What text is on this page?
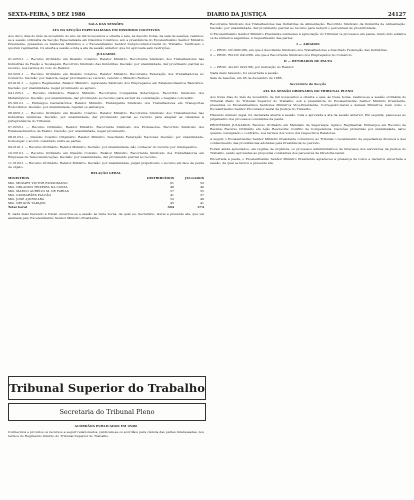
SEXTA-FEIRA, 5 DEZ 1986	DIARIO DA JUSTIÇA	24127

SALA DAS SESSÕES

ATA DA SECÇÃO ESPECIALIZADA EM DISSÍDIOS COLETIVOS

Aos cinco dias do mês de novembro do ano de mil novecentos e oitenta e seis, às dezoito horas, na sala de sessões, realizou-se a sessão ordinária da Secção Especializada em Dissídios Coletivos, sob a presidência do Excelentíssimo Senhor Ministro Presidente, presentes os Senhores Ministros e o Excelentíssimo Senhor Subprocurador-Geral do Trabalho. Verificado o quorum regimental, foi aberta a sessão e lida a ata da sessão anterior, que foi aprovada sem restrições.

JULGADOS

01.2253-1 — Recurso Ordinário em Dissídio Coletivo. Relator Ministro. Recorrente Sindicato dos Trabalhadores nas Indústrias de Fiação e Tecelagem. Recorrido Sindicato das Indústrias. Decisão: por unanimidade, dar provimento parcial ao recurso, nos termos do voto do Relator.

02.3221-1 — Recurso Ordinário em Dissídio Coletivo. Relator Ministro. Recorrente Federação dos Trabalhadores no Comércio. Decisão: por maioria, negar provimento ao recurso, vencido o Ministro Revisor.

03.4101-1 — Agravo Regimental. Relator Ministro. Agravante Sindicato dos Empregados em Estabelecimentos Bancários. Decisão: por unanimidade, negar provimento ao agravo.

04.1225-1 — Recurso Ordinário. Relator Ministro. Recorrente Companhia Siderúrgica. Recorrido Sindicato dos Metalúrgicos. Decisão: por unanimidade, dar provimento ao recurso para excluir da condenação o reajuste concedido.

05.3012-1 — Embargos Declaratórios. Relator Ministro. Embargante Sindicato dos Trabalhadores em Transportes Rodoviários. Decisão: por unanimidade, rejeitar os embargos.

06.0031-1 — Recurso Ordinário em Dissídio Coletivo. Relator Ministro. Recorrente Sindicato dos Trabalhadores nas Indústrias Químicas. Decisão: por unanimidade, dar provimento parcial ao recurso para adaptar as cláusulas à jurisprudência do Tribunal.

07.2233-1 — Recurso Ordinário. Relator Ministro. Recorrente Sindicato dos Professores. Recorrido Sindicato dos Estabelecimentos de Ensino. Decisão: por unanimidade, negar provimento.

08.0123-1 — Dissídio Coletivo Originário. Relator Ministro. Suscitante Federação Nacional. Decisão: por unanimidade, homologar o acordo celebrado entre as partes.

09.2101-1 — Recurso Ordinário. Relator Ministro. Decisão: por unanimidade, não conhecer do recurso por intempestivo.

10.3310-1 — Recurso Ordinário em Dissídio Coletivo. Relator Ministro. Recorrente Sindicato dos Trabalhadores em Empresas de Telecomunicações. Decisão: por unanimidade, dar provimento parcial ao recurso.

11.3103-1 — Recurso Ordinário. Relator Ministro. Decisão: por unanimidade, julgar prejudicado o recurso em face da perda de objeto.

RELAÇÃO GERAL

MINISTROS	DISTRIBUÍDOS	JULGADOS
Min. MOZART VICTOR RUSSOMANO	61	52
Min. ORLANDO TEIXEIRA DA COSTA	48	40
Min. MARCO AURÉLIO M. DE FARIAS	57	55
Min. GUIMARÃES FALCÃO	41	37
Min. JOSÉ AJURICABA	52	49
Min. NELSON TAPAJÓS	45	41
Total Geral	304	274

E, nada mais havendo a tratar, encerrou-se a sessão às vinte horas, da qual eu, Secretário, lavrei a presente ata, que vai assinada pelo Excelentíssimo Senhor Ministro Presidente.

Tribunal Superior do Trabalho
Secretaria do Tribunal Pleno

ACÓRDÃOS PUBLICADOS EM 05/86

Conhecidos e providos os recursos a seguir relacionados, publicam-se os acórdãos para ciência das partes interessadas, nos termos do Regimento Interno do Tribunal Superior do Trabalho.

Recorrente Sindicato dos Trabalhadores nas Indústrias de Alimentação. Recorrido Sindicato da Indústria de Alimentação. Decisão: por unanimidade, dar provimento parcial ao recurso para reduzir o percentual de produtividade.

O Excelentíssimo Senhor Ministro Presidente submeteu à apreciação do Tribunal os processos em pauta, tendo sido adiados os de números seguintes, a requerimento das partes.

I — ADIADOS

1 — PROC. DC-0001/86, em que é Suscitante Sindicato dos Trabalhadores e Suscitado Federação das Indústrias.

2 — PROC. RO-DC 0412/86, em que é Recorrente Sindicato dos Empregados no Comércio.

II — RETIRADOS DE PAUTA

1 — PROC. AG-DC 0221/86, por indicação do Relator.

Nada mais havendo, foi encerrada a sessão.

Sala de Sessões, em 05 de dezembro de 1986.

Secretário da Secção

ATA DA SESSÃO ORDINÁRIA DO TRIBUNAL PLENO

Aos treze dias do mês de novembro de mil novecentos e oitenta e seis, às treze horas, realizou-se a sessão ordinária do Tribunal Pleno do Tribunal Superior do Trabalho, sob a presidência do Excelentíssimo Senhor Ministro Presidente, presentes os Excelentíssimos Senhores Ministros Vice-Presidente, Corregedor-Geral e demais Ministros, bem como o Excelentíssimo Senhor Procurador-Geral da Justiça do Trabalho.

Havendo número legal, foi declarada aberta a sessão. Lida e aprovada a ata da sessão anterior. Em seguida, passou-se ao julgamento dos processos constantes da pauta.

PROCESSOS JULGADOS: Recurso Ordinário em Mandado de Segurança; Agravo Regimental; Embargos em Recurso de Revista; Recurso Ordinário em Ação Rescisória; Conflito de Competência. Decisões proferidas por unanimidade, salvo quando consignado o contrário, nos termos dos votos dos respectivos Relatores.

A seguir, o Excelentíssimo Senhor Ministro Presidente comunicou ao Tribunal o recebimento de expedientes diversos e deu conhecimento das providências adotadas pela Presidência no período.

Foram ainda apreciados, em regime de urgência, os processos administrativos de interesse dos servidores da Justiça do Trabalho, sendo aprovadas as propostas constantes dos pareceres da Diretoria-Geral.

Encerrada a pauta, o Excelentíssimo Senhor Ministro Presidente agradeceu a presença de todos e declarou encerrada a sessão, da qual se lavrou a presente ata.
